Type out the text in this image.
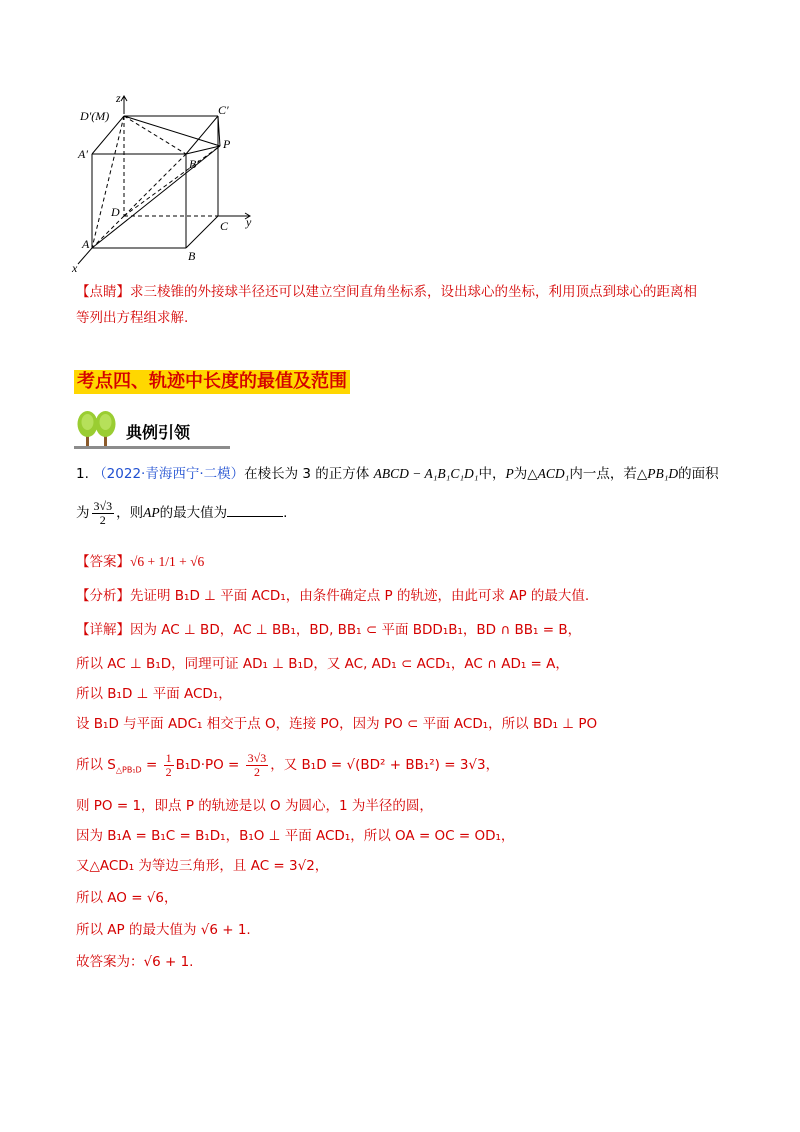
z
D′(M)	C′
A′
B′
P
D
C y
A
B
x
【点睛】求三棱锥的外接球半径还可以建立空间直角坐标系，设出球心的坐标，利用顶点到球心的距离相
等列出方程组求解.
考点四、轨迹中长度的最值及范围
典例引领
1. （2022·青海西宁·二模）在棱长为 3 的正方体 ABCD − A₁B₁C₁D₁中，P为△ACD₁内一点，若△PB₁D的面积
为 $\frac{3√3}{2}$ ，则AP的最大值为	.
【答案】√6 + 1/1 + √6
【分析】先证明 B₁D ⊥ 平面 ACD₁，由条件确定点 P 的轨迹，由此可求 AP 的最大值.
【详解】因为 AC ⊥ BD，AC ⊥ BB₁，BD, BB₁ ⊂ 平面 BDD₁B₁，BD ∩ BB₁ = B，
所以 AC ⊥ B₁D，同理可证 AD₁ ⊥ B₁D，又 AC, AD₁ ⊂ ACD₁，AC ∩ AD₁ = A，
所以 B₁D ⊥ 平面 ACD₁，
设 B₁D 与平面 ADC₁ 相交于点 O，连接 PO，因为 PO ⊂ 平面 ACD₁，所以 BD₁ ⊥ PO
所以 $S_{\triangle PB_1D} = \frac{1}{2} B_1D\cdot PO = \frac{3√3}{2}$ ，又 B₁D = √(BD² + BB₁²) = 3√3，
则 PO = 1，即点 P 的轨迹是以 O 为圆心，1 为半径的圆，
因为 B₁A = B₁C = B₁D₁，B₁O ⊥ 平面 ACD₁，所以 OA = OC = OD₁，
又△ACD₁ 为等边三角形，且 AC = 3√2，
所以 AO = √6，
所以 AP 的最大值为 √6 + 1.
故答案为：√6 + 1.
